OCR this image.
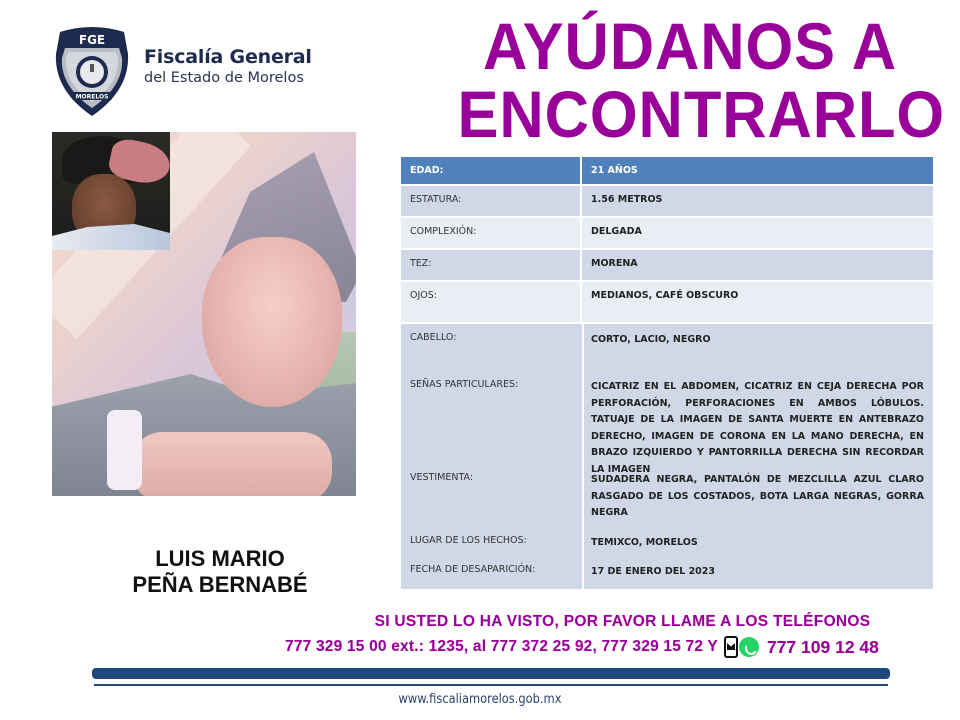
MORELOS
FGE
Fiscalía General
del Estado de Morelos	AYÚDANOS A
ENCONTRARLO
LUIS MARIO
PEÑA BERNABÉ
EDAD:	21 AÑOS
ESTATURA:	1.56 METROS
COMPLEXIÓN:	DELGADA
TEZ:	MORENA
OJOS:	MEDIANOS, CAFÉ OBSCURO
CABELLO:	CORTO, LACIO, NEGRO
SEÑAS PARTICULARES:	CICATRIZ EN EL ABDOMEN, CICATRIZ EN CEJA DERECHA POR PERFORACIÓN, PERFORACIONES EN AMBOS LÓBULOS. TATUAJE DE LA IMAGEN DE SANTA MUERTE EN ANTEBRAZO DERECHO, IMAGEN DE CORONA EN LA MANO DERECHA, EN BRAZO IZQUIERDO Y PANTORRILLA DERECHA SIN RECORDAR LA IMAGEN
VESTIMENTA:	SUDADERA NEGRA, PANTALÓN DE MEZCLILLA AZUL CLARO RASGADO DE LOS COSTADOS, BOTA LARGA NEGRAS, GORRA NEGRA
LUGAR DE LOS HECHOS:	TEMIXCO, MORELOS
FECHA DE DESAPARICIÓN:	17 DE ENERO DEL 2023
SI USTED LO HA VISTO, POR FAVOR LLAME A LOS TELÉFONOS
777 329 15 00 ext.: 1235, al 777 372 25 92, 777 329 15 72 Y	777 109 12 48
www.fiscaliamorelos.gob.mx
